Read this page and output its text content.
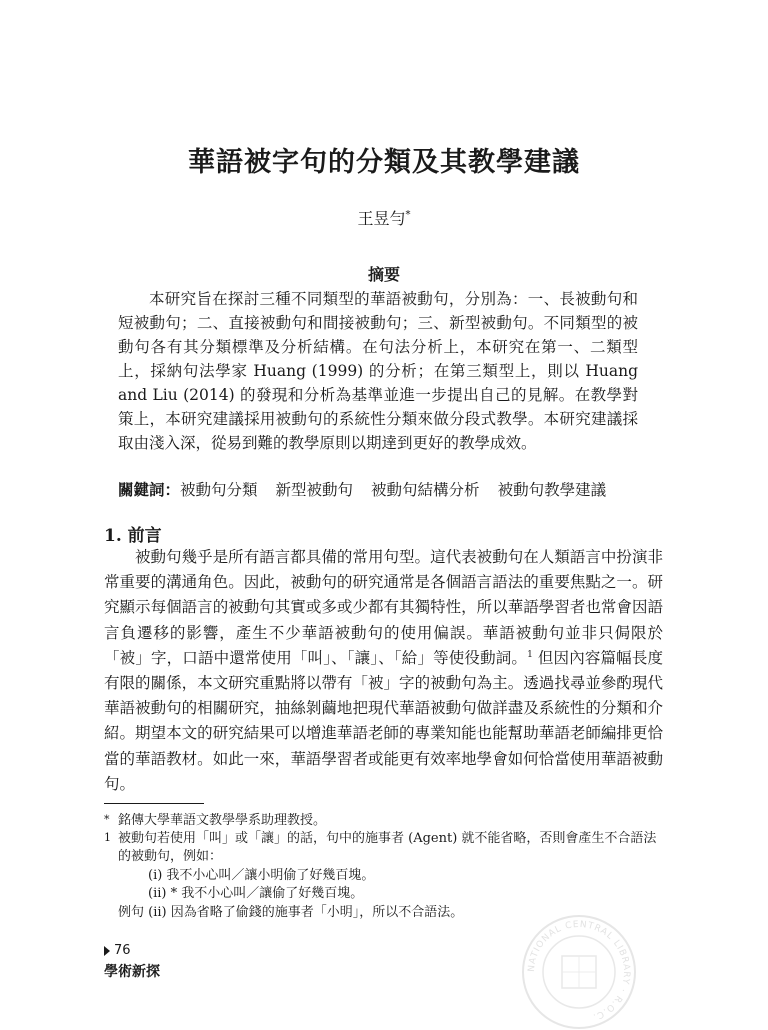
華語被字句的分類及其教學建議
王昱勻*
摘要

本研究旨在探討三種不同類型的華語被動句，分別為：一、長被動句和短被動句；二、直接被動句和間接被動句；三、新型被動句。不同類型的被動句各有其分類標準及分析結構。在句法分析上，本研究在第一、二類型上，採納句法學家 Huang (1999) 的分析；在第三類型上，則以 Huang and Liu (2014) 的發現和分析為基準並進一步提出自己的見解。在教學對策上，本研究建議採用被動句的系統性分類來做分段式教學。本研究建議採取由淺入深，從易到難的教學原則以期達到更好的教學成效。

關鍵詞：被動句分類 新型被動句 被動句結構分析 被動句教學建議
1. 前言

被動句幾乎是所有語言都具備的常用句型。這代表被動句在人類語言中扮演非常重要的溝通角色。因此，被動句的研究通常是各個語言語法的重要焦點之一。研究顯示每個語言的被動句其實或多或少都有其獨特性，所以華語學習者也常會因語言負遷移的影響，產生不少華語被動句的使用偏誤。華語被動句並非只侷限於「被」字，口語中還常使用「叫」、「讓」、「給」等使役動詞。$^1$ 但因內容篇幅長度有限的關係，本文研究重點將以帶有「被」字的被動句為主。透過找尋並參酌現代華語被動句的相關研究，抽絲剝繭地把現代華語被動句做詳盡及系統性的分類和介紹。期望本文的研究結果可以增進華語老師的專業知能也能幫助華語老師編排更恰當的華語教材。如此一來，華語學習者或能更有效率地學會如何恰當使用華語被動句。

* 銘傳大學華語文教學學系助理教授。
1 被動句若使用「叫」或「讓」的話，句中的施事者 (Agent) 就不能省略，否則會產生不合語法的被動句，例如：
(i) 我不小心叫／讓小明偷了好幾百塊。
(ii) * 我不小心叫／讓偷了好幾百塊。
例句 (ii) 因為省略了偷錢的施事者「小明」，所以不合語法。
76
學術新探	NATIONAL CENTRAL LIBRARY · R.O.C.
